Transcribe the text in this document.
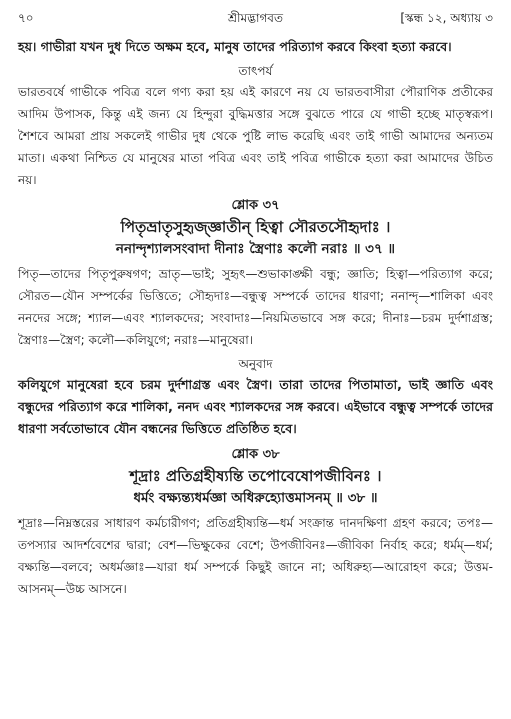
শ্রীমদ্ভাগবত
৭০	[স্কন্ধ ১২, অধ্যায় ৩

হয়। গাভীরা যখন দুধ দিতে অক্ষম হবে, মানুষ তাদের পরিত্যাগ করবে কিংবা হত্যা করবে।

তাৎপর্য

ভারতবর্ষে গাভীকে পবিত্র বলে গণ্য করা হয় এই কারণে নয় যে ভারতবাসীরা পৌরাণিক প্রতীকের আদিম উপাসক, কিন্তু এই জন্য যে হিন্দুরা বুদ্ধিমত্তার সঙ্গে বুঝতে পারে যে গাভী হচ্ছে মাতৃস্বরূপ। শৈশবে আমরা প্রায় সকলেই গাভীর দুধ থেকে পুষ্টি লাভ করেছি এবং তাই গাভী আমাদের অন্যতম মাতা। একথা নিশ্চিত যে মানুষের মাতা পবিত্র এবং তাই পবিত্র গাভীকে হত্যা করা আমাদের উচিত নয়।

শ্লোক ৩৭

পিতৃভ্রাতৃসুহৃজ্জ্ঞাতীন্ হিত্বা সৌরতসৌহৃদাঃ ।

ননান্দৃশ্যালসংবাদা দীনাঃ স্ত্রৈণাঃ কলৌ নরাঃ ॥ ৩৭ ॥

পিতৃ—তাদের পিতৃপুরুষগণ; ভ্রাতৃ—ভাই; সুহৃৎ—শুভাকাঙ্ক্ষী বন্ধু; জ্ঞাতি; হিত্বা—পরিত্যাগ করে; সৌরত—যৌন সম্পর্কের ভিত্তিতে; সৌহৃদাঃ—বন্ধুত্ব সম্পর্কে তাদের ধারণা; ননান্দৃ—শালিকা এবং ননদের সঙ্গে; শ্যাল—এবং শ্যালকদের; সংবাদাঃ—নিয়মিতভাবে সঙ্গ করে; দীনাঃ—চরম দুর্দশাগ্রস্ত; স্ত্রৈণাঃ—স্ত্রৈণ; কলৌ—কলিযুগে; নরাঃ—মানুষেরা।

অনুবাদ

কলিযুগে মানুষেরা হবে চরম দুর্দশাগ্রস্ত এবং স্ত্রৈণ। তারা তাদের পিতামাতা, ভাই জ্ঞাতি এবং বন্ধুদের পরিত্যাগ করে শালিকা, ননদ এবং শ্যালকদের সঙ্গ করবে। এইভাবে বন্ধুত্ব সম্পর্কে তাদের ধারণা সর্বতোভাবে যৌন বন্ধনের ভিত্তিতে প্রতিষ্ঠিত হবে।

শ্লোক ৩৮

শূদ্রাঃ প্রতিগ্রহীষ্যন্তি তপোবেষোপজীবিনঃ ।

ধর্মং বক্ষ্যন্ত্যধর্মজ্ঞা অধিরুহ্যোত্তমাসনম্ ॥ ৩৮ ॥

শূদ্রাঃ—নিম্নস্তরের সাধারণ কর্মচারীগণ; প্রতিগ্রহীষ্যন্তি—ধর্ম সংক্রান্ত দানদক্ষিণা গ্রহণ করবে; তপঃ—তপস্যার আদর্শবেশের দ্বারা; বেশ—ভিক্ষুকের বেশে; উপজীবিনঃ—জীবিকা নির্বাহ করে; ধর্মম্—ধর্ম; বক্ষ্যন্তি—বলবে; অধর্মজ্ঞাঃ—যারা ধর্ম সম্পর্কে কিছুই জানে না; অধিরুহ্য—আরোহণ করে; উত্তম-আসনম্—উচ্চ আসনে।
